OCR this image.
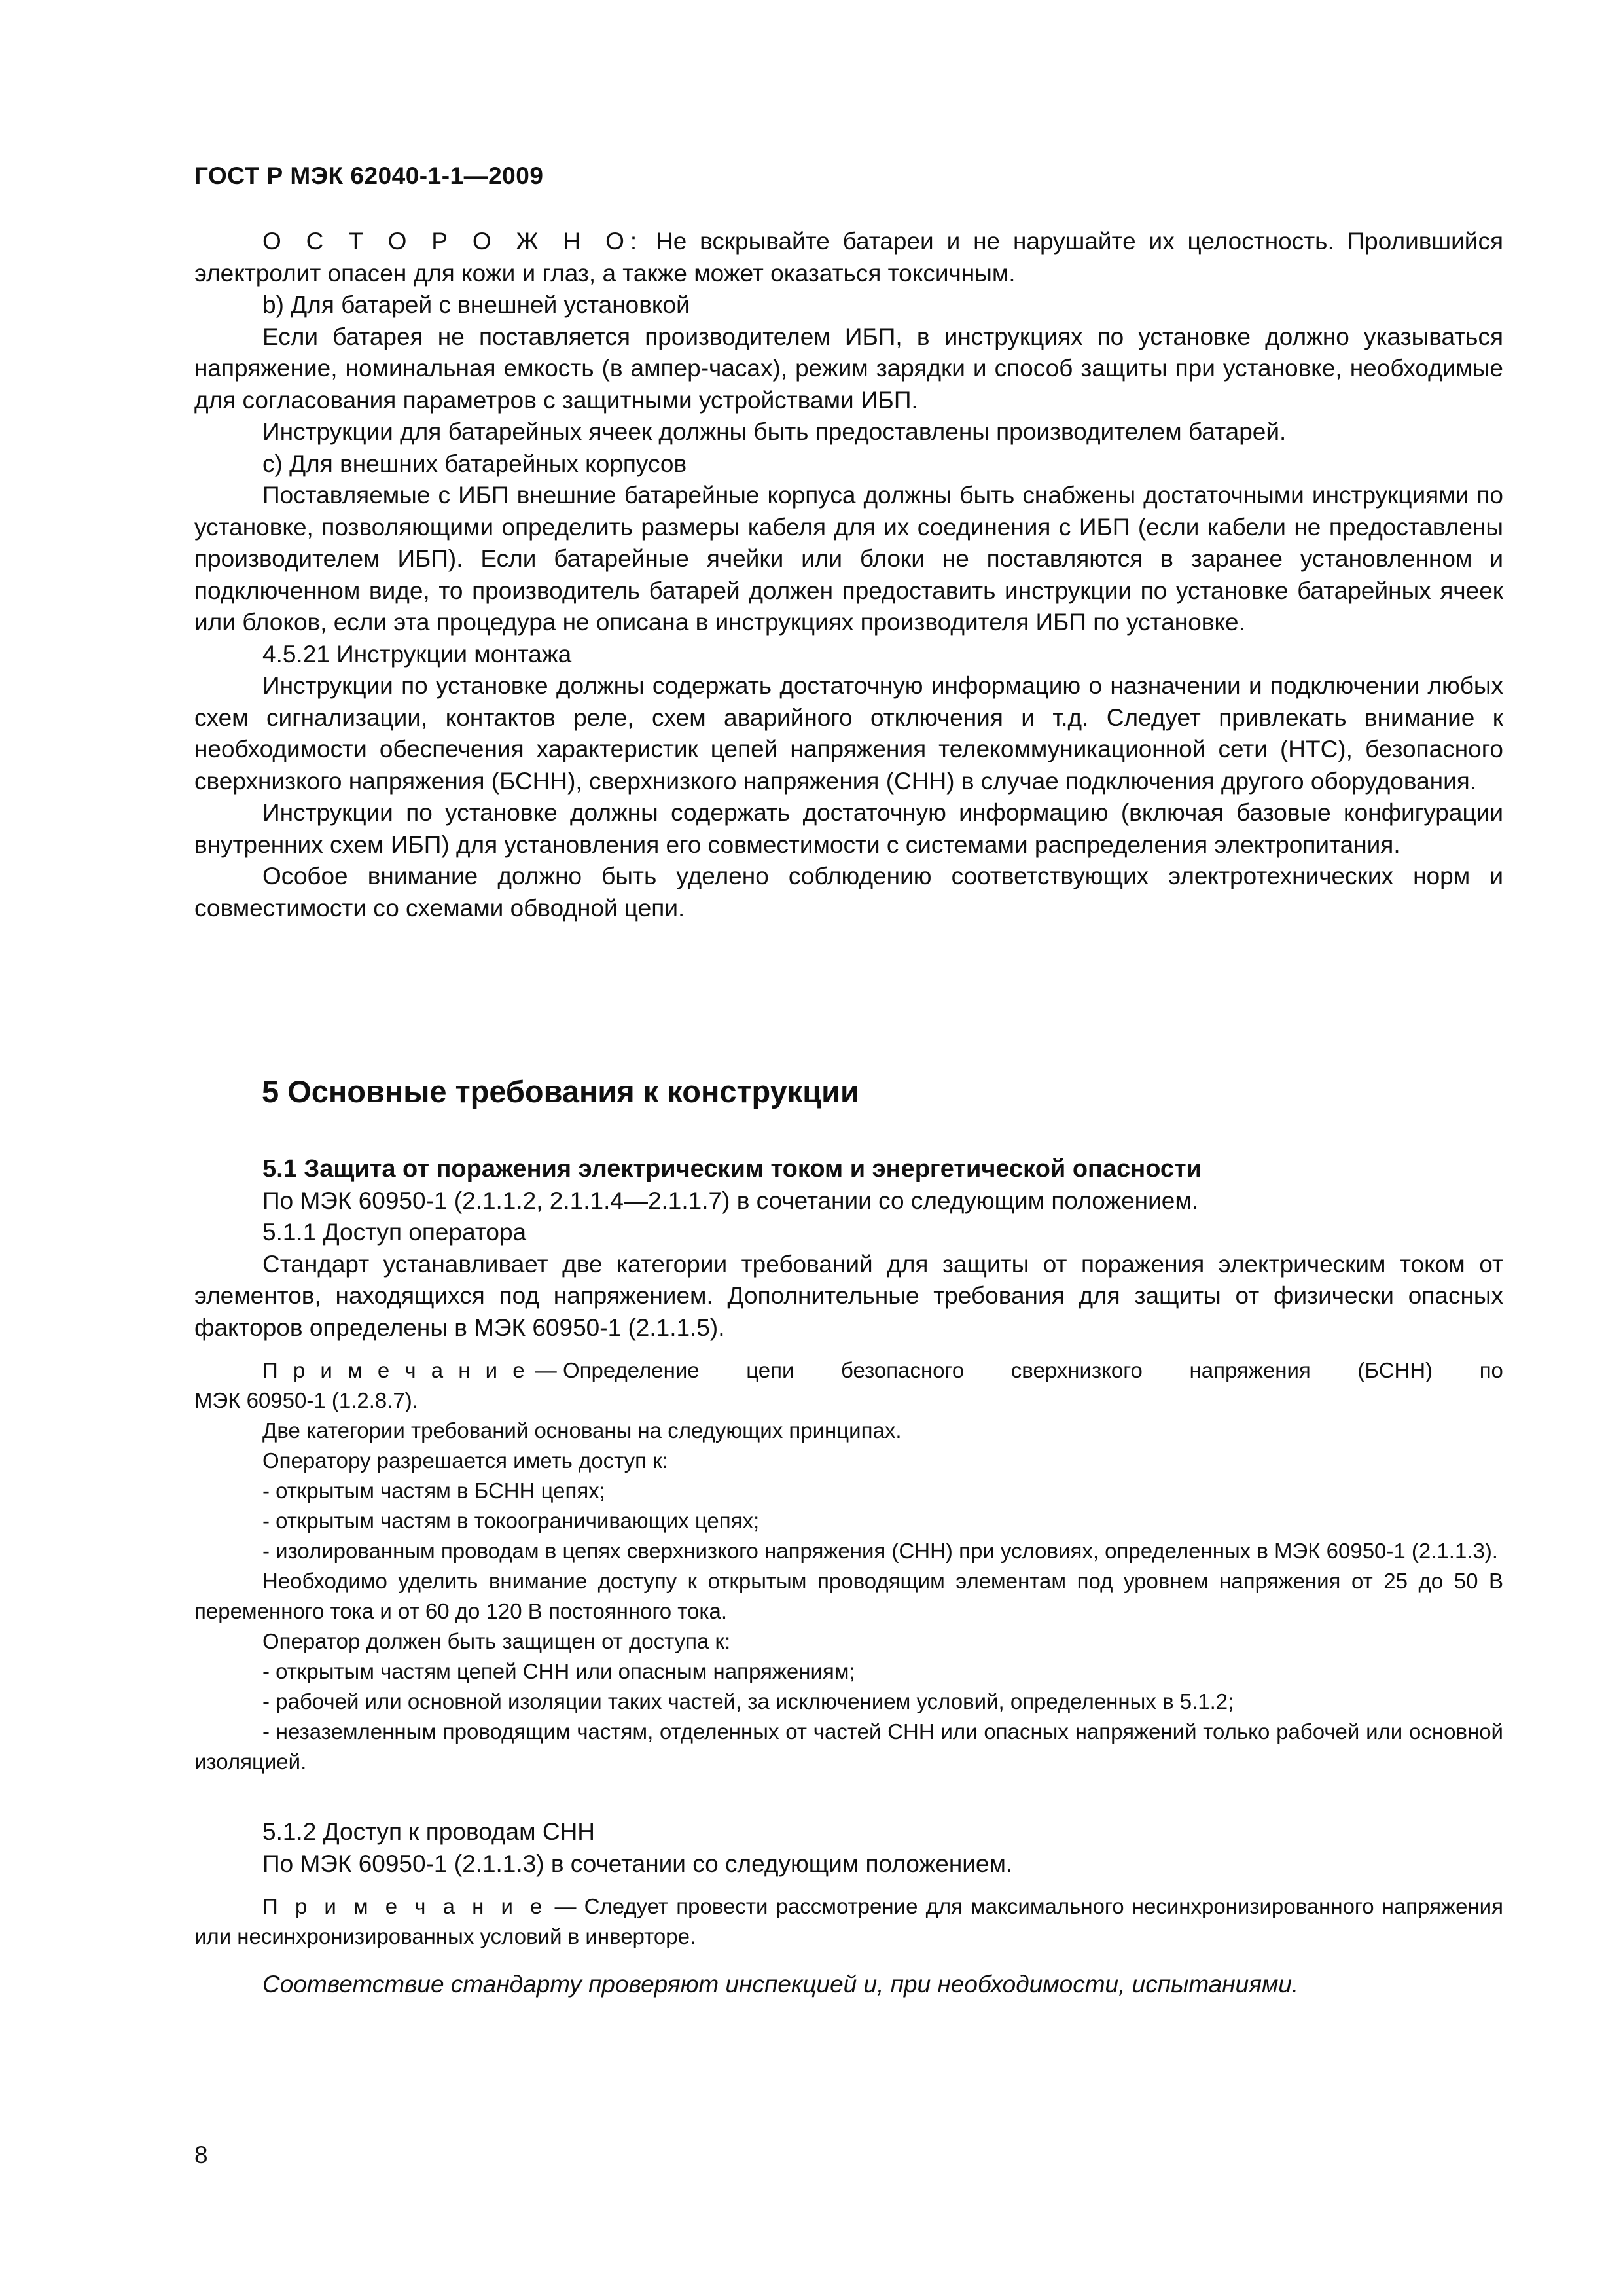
ГОСТ Р МЭК 62040-1-1—2009

О С Т О Р О Ж Н О: Не вскрывайте батареи и не нарушайте их целостность. Пролившийся электролит опасен для кожи и глаз, а также может оказаться токсичным.

b) Для батарей с внешней установкой

Если батарея не поставляется производителем ИБП, в инструкциях по установке должно указываться напряжение, номинальная емкость (в ампер-часах), режим зарядки и способ защиты при установке, необходимые для согласования параметров с защитными устройствами ИБП.

Инструкции для батарейных ячеек должны быть предоставлены производителем батарей.

с) Для внешних батарейных корпусов

Поставляемые с ИБП внешние батарейные корпуса должны быть снабжены достаточными инструкциями по установке, позволяющими определить размеры кабеля для их соединения с ИБП (если кабели не предоставлены производителем ИБП). Если батарейные ячейки или блоки не поставляются в заранее установленном и подключенном виде, то производитель батарей должен предоставить инструкции по установке батарейных ячеек или блоков, если эта процедура не описана в инструкциях производителя ИБП по установке.

4.5.21 Инструкции монтажа

Инструкции по установке должны содержать достаточную информацию о назначении и подключении любых схем сигнализации, контактов реле, схем аварийного отключения и т.д. Следует привлекать внимание к необходимости обеспечения характеристик цепей напряжения телекоммуникационной сети (НТС), безопасного сверхнизкого напряжения (БСНН), сверхнизкого напряжения (СНН) в случае подключения другого оборудования.

Инструкции по установке должны содержать достаточную информацию (включая базовые конфигурации внутренних схем ИБП) для установления его совместимости с системами распределения электропитания.

Особое внимание должно быть уделено соблюдению соответствующих электротехнических норм и совместимости со схемами обводной цепи.

5 Основные требования к конструкции

5.1 Защита от поражения электрическим током и энергетической опасности

По МЭК 60950-1 (2.1.1.2, 2.1.1.4—2.1.1.7) в сочетании со следующим положением.

5.1.1 Доступ оператора

Стандарт устанавливает две категории требований для защиты от поражения электрическим током от элементов, находящихся под напряжением. Дополнительные требования для защиты от физически опасных факторов определены в МЭК 60950-1 (2.1.1.5).

П р и м е ч а н и е — Определение цепи безопасного сверхнизкого напряжения (БСНН) по

МЭК 60950-1 (1.2.8.7).

Две категории требований основаны на следующих принципах.

Оператору разрешается иметь доступ к:

- открытым частям в БСНН цепях;

- открытым частям в токоограничивающих цепях;

- изолированным проводам в цепях сверхнизкого напряжения (СНН) при условиях, определенных в МЭК 60950-1 (2.1.1.3).

Необходимо уделить внимание доступу к открытым проводящим элементам под уровнем напряжения от 25 до 50 В переменного тока и от 60 до 120 В постоянного тока.

Оператор должен быть защищен от доступа к:

- открытым частям цепей СНН или опасным напряжениям;

- рабочей или основной изоляции таких частей, за исключением условий, определенных в 5.1.2;

- незаземленным проводящим частям, отделенных от частей СНН или опасных напряжений только рабочей или основной изоляцией.

5.1.2 Доступ к проводам СНН

По МЭК 60950-1 (2.1.1.3) в сочетании со следующим положением.

П р и м е ч а н и е — Следует провести рассмотрение для максимального несинхронизированного напряжения или несинхронизированных условий в инверторе.

Соответствие стандарту проверяют инспекцией и, при необходимости, испытаниями.

8
